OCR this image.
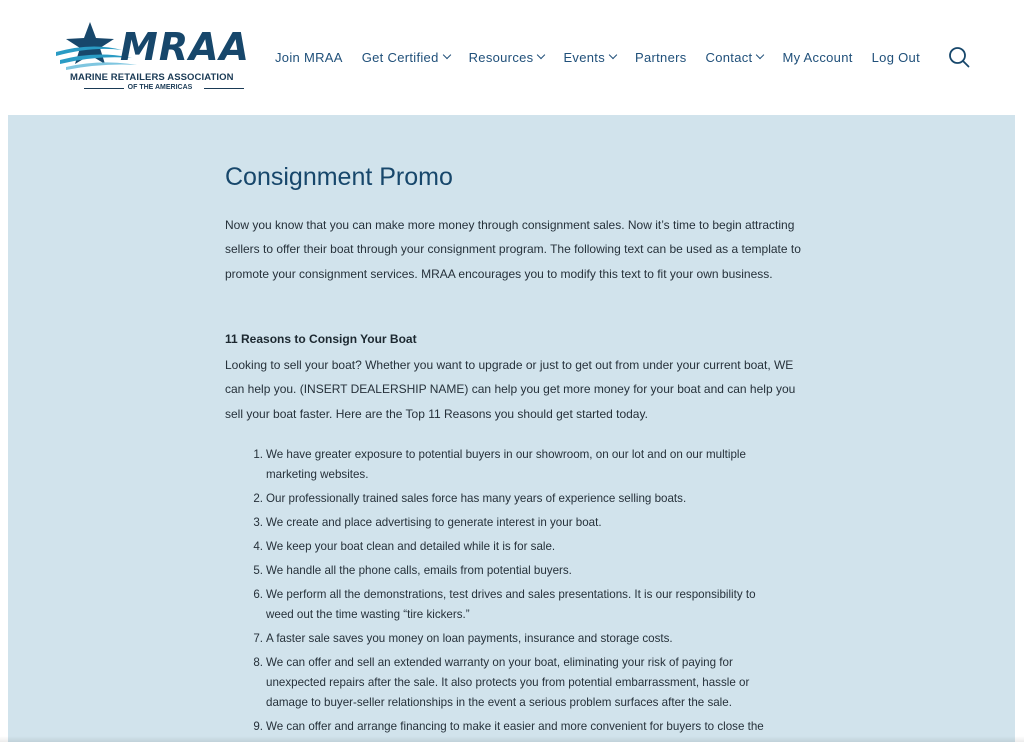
MRAA
MARINE RETAILERS ASSOCIATION
OF THE AMERICAS
Join MRAA Get Certified Resources Events Partners Contact My Account Log Out
Consignment Promo

Now you know that you can make more money through consignment sales. Now it’s time to begin attracting sellers to offer their boat through your consignment program. The following text can be used as a template to promote your consignment services. MRAA encourages you to modify this text to fit your own business.

11 Reasons to Consign Your Boat

Looking to sell your boat? Whether you want to upgrade or just to get out from under your current boat, WE can help you. (INSERT DEALERSHIP NAME) can help you get more money for your boat and can help you sell your boat faster. Here are the Top 11 Reasons you should get started today.

1. We have greater exposure to potential buyers in our showroom, on our lot and on our multiple marketing websites.
2. Our professionally trained sales force has many years of experience selling boats.
3. We create and place advertising to generate interest in your boat.
4. We keep your boat clean and detailed while it is for sale.
5. We handle all the phone calls, emails from potential buyers.
6. We perform all the demonstrations, test drives and sales presentations. It is our responsibility to weed out the time wasting “tire kickers.”
7. A faster sale saves you money on loan payments, insurance and storage costs.
8. We can offer and sell an extended warranty on your boat, eliminating your risk of paying for unexpected repairs after the sale. It also protects you from potential embarrassment, hassle or damage to buyer-seller relationships in the event a serious problem surfaces after the sale.
9. We can offer and arrange financing to make it easier and more convenient for buyers to close the
